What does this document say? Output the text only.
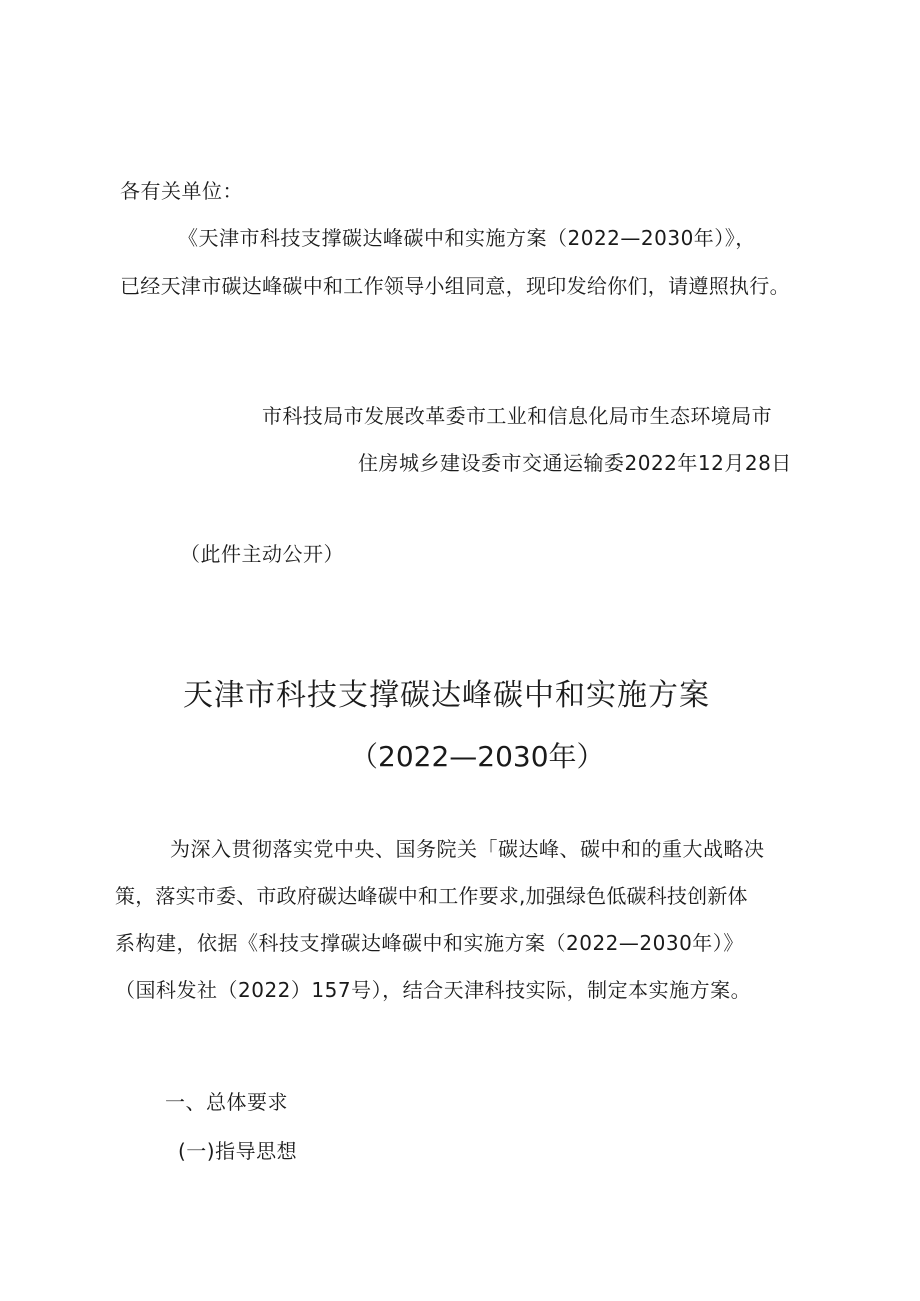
各有关单位：
《天津市科技支撑碳达峰碳中和实施方案（2022—2030年）》，
已经天津市碳达峰碳中和工作领导小组同意，现印发给你们，请遵照执行。
市科技局市发展改革委市工业和信息化局市生态环境局市
住房城乡建设委市交通运输委2022年12月28日
（此件主动公开）
天津市科技支撑碳达峰碳中和实施方案
（2022—2030年）
为深入贯彻落实党中央、国务院关「碳达峰、碳中和的重大战略决
策，落实市委、市政府碳达峰碳中和工作要求,加强绿色低碳科技创新体
系构建，依据《科技支撑碳达峰碳中和实施方案（2022—2030年）》
（国科发社（2022）157号），结合天津科技实际，制定本实施方案。
一、总体要求
(一)指导思想
